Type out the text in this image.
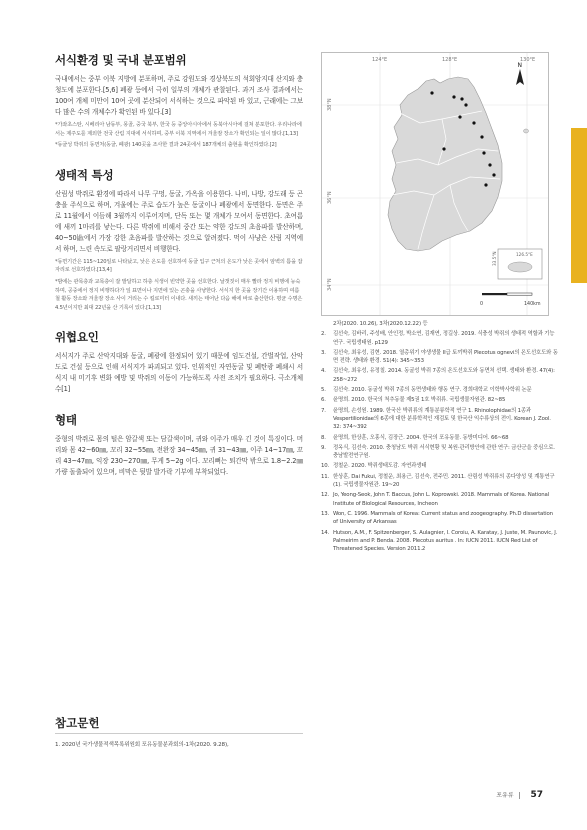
서식환경 및 국내 분포범위

국내에서는 중부 이북 지방에 분포하며, 주로 강원도와 경상북도의 석회암지대 산지와 충청도에 분포한다.[5,6] 폐광 등에서 극히 일부의 개체가 관찰된다. 과거 조사 결과에서는 100여 개체 미만이 10여 곳에 분산되어 서식하는 것으로 파악된 바 있고, 근래에는 그보다 많은 수의 개체수가 확인된 바 있다.[3]

*가좌초스탄, 시베리아 남동부, 몽골, 중국 북부, 한국 등 중앙아시아에서 동북아시아에 걸쳐 분포한다. 우리나라에서는 제주도를 제외한 전국 산림 지대에 서식하며, 중부 이북 지역에서 겨울잠 장소가 확인되는 일이 많다.[1,13]

*동굴성 박쥐의 동면처(동굴, 폐광) 140곳을 조사한 결과 24곳에서 187개체의 출현을 확인하였다.[2]

생태적 특성

산림성 박쥐로 환경에 따라서 나무 구멍, 동굴, 가옥을 이용한다. 나비, 나방, 강도래 등 곤충을 주식으로 하며, 겨울에는 주로 습도가 높은 동굴이나 폐광에서 동면한다. 동면은 주로 11월에서 이듬해 3월까지 이루어지며, 단독 또는 몇 개체가 모여서 동면한다. 초여름에 새끼 1마리를 낳는다. 다른 박쥐에 비해서 중간 또는 약한 강도의 초음파를 발산하며, 40~50㎑에서 가장 강한 초음파를 발산하는 것으로 알려졌다. 먹이 사냥은 산림 지역에서 하며, 느린 속도로 팔랑거리면서 비행한다.

*동면기간은 115~120일로 나타났고, 낮은 온도를 선호하여 동굴 입구 근처의 온도가 낮은 곳에서 암벽의 틈을 잡자리로 선호하였다.[13,4]

*밤에는 관목층과 교목층이 잘 발달하고 하층 식생이 빈약한 곳을 선호한다. 날갯짓이 매우 빨라 정지 비행에 능숙하며, 공중에서 정지 비행하다가 잎 표면이나 지면에 있는 곤충을 사냥한다. 서식지 한 곳을 장기간 이용하며 여름철 활동 장소와 겨울잠 장소 사이 거리는 수 킬로미터 이내다. 새끼는 태어난 다음 해에 바로 출산한다. 평균 수명은 4.5년이지만 최대 22년을 산 기록이 있다.[1,13]

위협요인

서식지가 주로 산악지대와 동굴, 폐광에 한정되어 있기 때문에 임도건설, 간벌작업, 산악도로 건설 등으로 인해 서식지가 파괴되고 있다. 인위적인 자연동굴 및 폐탄광 폐쇄시 서식지 내 미기후 변화 예방 및 박쥐의 이동이 가능하도록 사전 조치가 필요하다. 극소개체수[1]

형태

중형의 박쥐로 몸의 털은 암갈색 또는 담갈색이며, 귀와 이주가 매우 긴 것이 특징이다. 머리와 몸 42~60㎜, 꼬리 32~55㎜, 전완장 34~45㎜, 귀 31~43㎜, 이주 14~17㎜, 꼬리 43~47㎜, 익장 230~270㎜, 무게 5~2g 이다. 꼬리뼈는 퇴간막 밖으로 1.8~2.2㎜ 가량 돌출되어 있으며, 비막은 뒷발 발가락 기부에 부착되었다.

참고문헌
1. 2020년 국가생물적색목록위원회 포유동물분과회의-1차(2020. 9.28),
124°E	128°E	130°E
38°N
36°N
34°N
N
126.5°E
33.5°N
0	140km
2차(2020. 10.26), 3차(2020.12.22) 등
2.	김선숙, 김바리, 주성배, 안인정, 박소연, 김재연, 정길상. 2019. 식충성 박쥐의 생태적 역할과 기능 연구. 국립생태원. p129
3.	김선숙, 최유성, 김현. 2018. 열총위기 야생생물 II급 토끼박쥐 Plecotus ognevi의 온도선호도와 동면 전략. 생태와 환경. 51(4): 345~353
4.	김선숙, 최유성, 유정칠. 2014. 동굴성 박쥐 7종의 온도선호도와 동면처 선택. 생태와 환경. 47(4): 258~272
5.	김선숙. 2010. 동굴성 박쥐 7종의 동면생태와 행동 연구. 경희대학교 이학박사학위 논문
6.	윤명희. 2010. 한국의 척추동물 제5권 1호 박쥐류. 국립생물자원관. 82~85
7.	윤명희, 손성원. 1989. 한국산 박쥐류의 계통분류학적 연구 1. Rhinolophidae의 1종과 Vespertilionidae의 6종에 대한 분류학적인 재검토 및 한국산 익수류상의 전이. Korean J. Zool. 32: 374~392
8.	윤명희, 한상훈, 오홍식, 김장근. 2004. 한국의 포유동물. 동방미디어. 66~68
9.	정옥식, 김선숙. 2010. 충청남도 박쥐 서식현황 및 복원·관리방안에 관한 연구: 금산군을 중심으로. 충남발전연구원.
10. 정철운. 2020. 박쥐생태도감. 자연과생태
11. 한상훈, Dai Fukui, 정철운, 최용근, 김선숙, 전주민. 2011. 산림성 박쥐류의 종다양성 및 계통연구 (1). 국립생물자원관. 19~20
12. Jo, Yeong-Seok, John T. Baccus, John L. Koprowski. 2018. Mammals of Korea. National Institute of Biological Resources, Incheon
13. Won, C. 1996. Mammals of Korea: Current status and zoogeography. Ph.D dissertation of University of Arkansas
14. Hutson, A.M., F. Spitzenberger, S. Aulagnier, I. Coroiu, A. Karatay, J. Juste, M. Paunovic, J. Palmeirim and P. Benda. 2008. Plecotus auritus . In: IUCN 2011. IUCN Red List of Threatened Species. Version 2011.2
포유류 57
